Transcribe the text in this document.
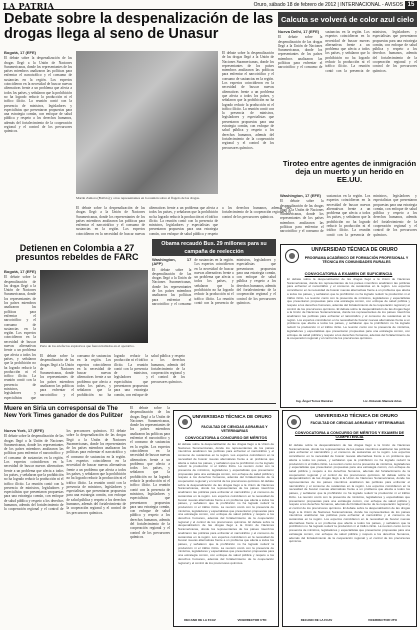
LA PATRIA	Oruro, sábado 18 de febrero de 2012 | INTERNACIONAL - AVISOS 15
Debate sobre la despenalización de las drogas llega al seno de Unasur
Bogotá, 17 (EFE)
El debate sobre la despenalización de las drogas llegó a la Unión de Naciones Suramericanas, donde los representantes de los países miembros analizaron las políticas para enfrentar el narcotráfico y el consumo de sustancias en la región. Los expertos coincidieron en la necesidad de buscar nuevas alternativas frente a un problema que afecta a todos los países, y señalaron que la prohibición no ha logrado reducir la producción ni el tráfico ilícito. La reunión contó con la presencia de ministros, legisladores y especialistas que presentaron propuestas para una estrategia común, con enfoque de salud pública y respeto a los derechos humanos, además del fortalecimiento de la cooperación regional y el control de los precursores químicos.
Martín Zamora (Bolivia) y otros representantes en la reunión sobre el flagelo de las drogas.
El debate sobre la despenalización de las drogas llegó a la Unión de Naciones Suramericanas, donde los representantes de los países miembros analizaron las políticas para enfrentar el narcotráfico y el consumo de sustancias en la región. Los expertos coincidieron en la necesidad de buscar nuevas alternativas frente a un problema que afecta a todos los países, y señalaron que la prohibición no ha logrado reducir la producción ni el tráfico ilícito. La reunión contó con la presencia de ministros, legisladores y especialistas que presentaron propuestas para una estrategia común, con enfoque de salud pública y respeto a los derechos humanos, además del fortalecimiento de la cooperación regional y el control de los precursores químicos.
El debate sobre la despenalización de las drogas llegó a la Unión de Naciones Suramericanas, donde los representantes de los países miembros analizaron las políticas para enfrentar el narcotráfico y el consumo de sustancias en la región. Los expertos coincidieron en la necesidad de buscar nuevas alternativas frente a un problema que afecta a todos los países, y señalaron que la prohibición no ha logrado reducir la producción ni el tráfico ilícito. La reunión contó con la presencia de ministros, legisladores y especialistas que presentaron propuestas para una estrategia común, con enfoque de salud pública y respeto a los derechos humanos, además del fortalecimiento de la cooperación regional y el control de los precursores químicos.
Calcuta se volverá de color azul cielo
Nueva Delhi, 17 (EFE)
El debate sobre la despenalización de las drogas llegó a la Unión de Naciones Suramericanas, donde los representantes de los países miembros analizaron las políticas para enfrentar el narcotráfico y el consumo de sustancias en la región. Los expertos coincidieron en la necesidad de buscar nuevas alternativas frente a un problema que afecta a todos los países, y señalaron que la prohibición no ha logrado reducir la producción ni el tráfico ilícito. La reunión contó con la presencia de ministros, legisladores y especialistas que presentaron propuestas para una estrategia común, con enfoque de salud pública y respeto a los derechos humanos, además del fortalecimiento de la cooperación regional y el control de los precursores químicos.
Tiroteo entre agentes de inmigración deja un muerto y un herido en EE.UU.
Washington, 17 (EFE)
El debate sobre la despenalización de las drogas llegó a la Unión de Naciones Suramericanas, donde los representantes de los países miembros analizaron las políticas para enfrentar el narcotráfico y el consumo de sustancias en la región. Los expertos coincidieron en la necesidad de buscar nuevas alternativas frente a un problema que afecta a todos los países, y señalaron que la prohibición no ha logrado reducir la producción ni el tráfico ilícito. La reunión contó con la presencia de ministros, legisladores y especialistas que presentaron propuestas para una estrategia común, con enfoque de salud pública y respeto a los derechos humanos, además del fortalecimiento de la cooperación regional y el control de los precursores químicos.
Obama recaudó Bus. 29 millones para su campaña de reelección
Washington, 17 (AFP)
El debate sobre la despenalización de las drogas llegó a la Unión de Naciones Suramericanas, donde los representantes de los países miembros analizaron las políticas para enfrentar el narcotráfico y el consumo de sustancias en la región. Los expertos coincidieron en la necesidad de buscar nuevas alternativas frente a un problema que afecta a todos los países, y señalaron que la prohibición no ha logrado reducir la producción ni el tráfico ilícito. La reunión contó con la presencia de ministros, legisladores y especialistas que presentaron propuestas para una estrategia común, con enfoque de salud pública y respeto a los derechos humanos, además del fortalecimiento de la cooperación regional y el control de los precursores químicos.
Detienen en Colombia a 27 presuntos rebeldes de FARC
Bogotá, 17 (EFE)
El debate sobre la despenalización de las drogas llegó a la Unión de Naciones Suramericanas, donde los representantes de los países miembros analizaron las políticas para enfrentar el narcotráfico y el consumo de sustancias en la región. Los expertos coincidieron en la necesidad de buscar nuevas alternativas frente a un problema que afecta a todos los países, y señalaron que la prohibición no ha logrado reducir la producción ni el tráfico ilícito. La reunión contó con la presencia de ministros, legisladores y especialistas que
Parte de los artefactos explosivos que fueron hallados en el operativo.
El debate sobre la despenalización de las drogas llegó a la Unión de Naciones Suramericanas, donde los representantes de los países miembros analizaron las políticas para enfrentar el narcotráfico y el consumo de sustancias en la región. Los expertos coincidieron en la necesidad de buscar nuevas alternativas frente a un problema que afecta a todos los países, y señalaron que la prohibición no ha logrado reducir la producción ni el tráfico ilícito. La reunión contó con la presencia de ministros, legisladores y especialistas que presentaron propuestas para una estrategia común, con enfoque de salud pública y respeto a los derechos humanos, además del fortalecimiento de la cooperación regional y el control de los precursores químicos.
Muere en Siria un corresponsal de The New York Times ganador de dos Pulitzer
Nueva York, 17 (EFE)
El debate sobre la despenalización de las drogas llegó a la Unión de Naciones Suramericanas, donde los representantes de los países miembros analizaron las políticas para enfrentar el narcotráfico y el consumo de sustancias en la región. Los expertos coincidieron en la necesidad de buscar nuevas alternativas frente a un problema que afecta a todos los países, y señalaron que la prohibición no ha logrado reducir la producción ni el tráfico ilícito. La reunión contó con la presencia de ministros, legisladores y especialistas que presentaron propuestas para una estrategia común, con enfoque de salud pública y respeto a los derechos humanos, además del fortalecimiento de la cooperación regional y el control de los precursores químicos. El debate sobre la despenalización de las drogas llegó a la Unión de Naciones Suramericanas, donde los representantes de los países miembros analizaron las políticas para enfrentar el narcotráfico y el consumo de sustancias en la región. Los expertos coincidieron en la necesidad de buscar nuevas alternativas frente a un problema que afecta a todos los países, y señalaron que la prohibición no ha logrado reducir la producción ni el tráfico ilícito. La reunión contó con la presencia de ministros, legisladores y especialistas que presentaron propuestas para una estrategia común, con enfoque de salud pública y respeto a los derechos humanos, además del fortalecimiento de la cooperación regional y el control de los precursores químicos.
El debate sobre la despenalización de las drogas llegó a la Unión de Naciones Suramericanas, donde los representantes de los países miembros analizaron las políticas para enfrentar el narcotráfico y el consumo de sustancias en la región. Los expertos coincidieron en la necesidad de buscar nuevas alternativas frente a un problema que afecta a todos los países, y señalaron que la prohibición no ha logrado reducir la producción ni el tráfico ilícito. La reunión contó con la presencia de ministros, legisladores y especialistas que presentaron propuestas para una estrategia común, con enfoque de salud pública y respeto a los derechos humanos, además del fortalecimiento de la cooperación regional y el control de los precursores químicos.
UNIVERSIDAD TÉCNICA DE ORURO
PROGRAMA ACADÉMICO DE FORMACIÓN PROFESIONAL Y TÉCNICA EN COMUNIDADES RURALES
CONVOCATORIA A EXAMEN DE SUFICIENCIA
El debate sobre la despenalización de las drogas llegó a la Unión de Naciones Suramericanas, donde los representantes de los países miembros analizaron las políticas para enfrentar el narcotráfico y el consumo de sustancias en la región. Los expertos coincidieron en la necesidad de buscar nuevas alternativas frente a un problema que afecta a todos los países, y señalaron que la prohibición no ha logrado reducir la producción ni el tráfico ilícito. La reunión contó con la presencia de ministros, legisladores y especialistas que presentaron propuestas para una estrategia común, con enfoque de salud pública y respeto a los derechos humanos, además del fortalecimiento de la cooperación regional y el control de los precursores químicos. El debate sobre la despenalización de las drogas llegó a la Unión de Naciones Suramericanas, donde los representantes de los países miembros analizaron las políticas para enfrentar el narcotráfico y el consumo de sustancias en la región. Los expertos coincidieron en la necesidad de buscar nuevas alternativas frente a un problema que afecta a todos los países, y señalaron que la prohibición no ha logrado reducir la producción ni el tráfico ilícito. La reunión contó con la presencia de ministros, legisladores y especialistas que presentaron propuestas para una estrategia común, con enfoque de salud pública y respeto a los derechos humanos, además del fortalecimiento de la cooperación regional y el control de los precursores químicos.
Ing. Ángel Torrez Ramírez	Lic. Rolando Mamani Arias
UNIVERSIDAD TÉCNICA DE ORURO
FACULTAD DE CIENCIAS AGRARIAS Y VETERINARIAS
CONVOCATORIA A CONCURSO DE MÉRITOS
El debate sobre la despenalización de las drogas llegó a la Unión de Naciones Suramericanas, donde los representantes de los países miembros analizaron las políticas para enfrentar el narcotráfico y el consumo de sustancias en la región. Los expertos coincidieron en la necesidad de buscar nuevas alternativas frente a un problema que afecta a todos los países, y señalaron que la prohibición no ha logrado reducir la producción ni el tráfico ilícito. La reunión contó con la presencia de ministros, legisladores y especialistas que presentaron propuestas para una estrategia común, con enfoque de salud pública y respeto a los derechos humanos, además del fortalecimiento de la cooperación regional y el control de los precursores químicos. El debate sobre la despenalización de las drogas llegó a la Unión de Naciones Suramericanas, donde los representantes de los países miembros analizaron las políticas para enfrentar el narcotráfico y el consumo de sustancias en la región. Los expertos coincidieron en la necesidad de buscar nuevas alternativas frente a un problema que afecta a todos los países, y señalaron que la prohibición no ha logrado reducir la producción ni el tráfico ilícito. La reunión contó con la presencia de ministros, legisladores y especialistas que presentaron propuestas para una estrategia común, con enfoque de salud pública y respeto a los derechos humanos, además del fortalecimiento de la cooperación regional y el control de los precursores químicos. El debate sobre la despenalización de las drogas llegó a la Unión de Naciones Suramericanas, donde los representantes de los países miembros analizaron las políticas para enfrentar el narcotráfico y el consumo de sustancias en la región. Los expertos coincidieron en la necesidad de buscar nuevas alternativas frente a un problema que afecta a todos los países, y señalaron que la prohibición no ha logrado reducir la producción ni el tráfico ilícito. La reunión contó con la presencia de ministros, legisladores y especialistas que presentaron propuestas para una estrategia común, con enfoque de salud pública y respeto a los derechos humanos, además del fortalecimiento de la cooperación regional y el control de los precursores químicos.
DECANO DE LA FCAV	VICERRECTOR UTO
UNIVERSIDAD TÉCNICA DE ORURO
FACULTAD DE CIENCIAS AGRARIAS Y VETERINARIAS
CONVOCATORIA A CONCURSO DE MÉRITOS Y EXAMEN DE COMPETENCIA
El debate sobre la despenalización de las drogas llegó a la Unión de Naciones Suramericanas, donde los representantes de los países miembros analizaron las políticas para enfrentar el narcotráfico y el consumo de sustancias en la región. Los expertos coincidieron en la necesidad de buscar nuevas alternativas frente a un problema que afecta a todos los países, y señalaron que la prohibición no ha logrado reducir la producción ni el tráfico ilícito. La reunión contó con la presencia de ministros, legisladores y especialistas que presentaron propuestas para una estrategia común, con enfoque de salud pública y respeto a los derechos humanos, además del fortalecimiento de la cooperación regional y el control de los precursores químicos. El debate sobre la despenalización de las drogas llegó a la Unión de Naciones Suramericanas, donde los representantes de los países miembros analizaron las políticas para enfrentar el narcotráfico y el consumo de sustancias en la región. Los expertos coincidieron en la necesidad de buscar nuevas alternativas frente a un problema que afecta a todos los países, y señalaron que la prohibición no ha logrado reducir la producción ni el tráfico ilícito. La reunión contó con la presencia de ministros, legisladores y especialistas que presentaron propuestas para una estrategia común, con enfoque de salud pública y respeto a los derechos humanos, además del fortalecimiento de la cooperación regional y el control de los precursores químicos. El debate sobre la despenalización de las drogas llegó a la Unión de Naciones Suramericanas, donde los representantes de los países miembros analizaron las políticas para enfrentar el narcotráfico y el consumo de sustancias en la región. Los expertos coincidieron en la necesidad de buscar nuevas alternativas frente a un problema que afecta a todos los países, y señalaron que la prohibición no ha logrado reducir la producción ni el tráfico ilícito. La reunión contó con la presencia de ministros, legisladores y especialistas que presentaron propuestas para una estrategia común, con enfoque de salud pública y respeto a los derechos humanos, además del fortalecimiento de la cooperación regional y el control de los precursores químicos.
DECANO DE LA FCAV	VICERRECTOR UTO
